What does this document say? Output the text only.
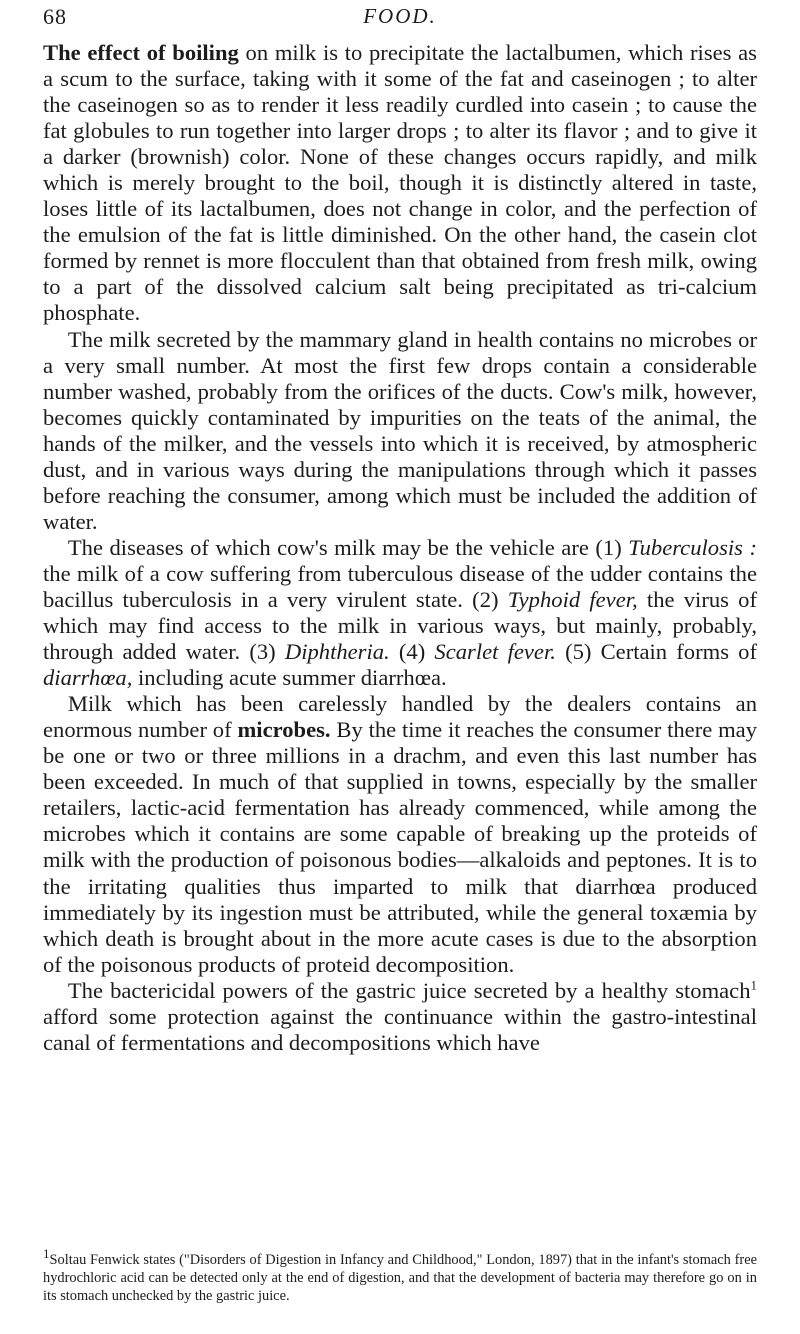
68	FOOD.

The effect of boiling on milk is to precipitate the lactalbumen, which rises as a scum to the surface, taking with it some of the fat and caseinogen ; to alter the caseinogen so as to render it less readily curdled into casein ; to cause the fat globules to run together into larger drops ; to alter its flavor ; and to give it a darker (brownish) color. None of these changes occurs rapidly, and milk which is merely brought to the boil, though it is distinctly altered in taste, loses little of its lactalbumen, does not change in color, and the perfection of the emulsion of the fat is little diminished. On the other hand, the casein clot formed by rennet is more flocculent than that obtained from fresh milk, owing to a part of the dissolved calcium salt being precipitated as tri-calcium phosphate.

The milk secreted by the mammary gland in health contains no microbes or a very small number. At most the first few drops contain a considerable number washed, probably from the orifices of the ducts. Cow's milk, however, becomes quickly contaminated by impurities on the teats of the animal, the hands of the milker, and the vessels into which it is received, by atmospheric dust, and in various ways during the manipulations through which it passes before reaching the consumer, among which must be included the addition of water.

The diseases of which cow's milk may be the vehicle are (1) Tuberculosis : the milk of a cow suffering from tuberculous disease of the udder contains the bacillus tuberculosis in a very virulent state. (2) Typhoid fever, the virus of which may find access to the milk in various ways, but mainly, probably, through added water. (3) Diphtheria. (4) Scarlet fever. (5) Certain forms of diarrhœa, including acute summer diarrhœa.

Milk which has been carelessly handled by the dealers contains an enormous number of microbes. By the time it reaches the consumer there may be one or two or three millions in a drachm, and even this last number has been exceeded. In much of that supplied in towns, especially by the smaller retailers, lactic-acid fermentation has already commenced, while among the microbes which it contains are some capable of breaking up the proteids of milk with the production of poisonous bodies—alkaloids and peptones. It is to the irritating qualities thus imparted to milk that diarrhœa produced immediately by its ingestion must be attributed, while the general toxæmia by which death is brought about in the more acute cases is due to the absorption of the poisonous products of proteid decomposition.

The bactericidal powers of the gastric juice secreted by a healthy stomach$^1$ afford some protection against the continuance within the gastro-intestinal canal of fermentations and decompositions which have

1Soltau Fenwick states ("Disorders of Digestion in Infancy and Childhood," London, 1897) that in the infant's stomach free hydrochloric acid can be detected only at the end of digestion, and that the development of bacteria may therefore go on in its stomach unchecked by the gastric juice.
